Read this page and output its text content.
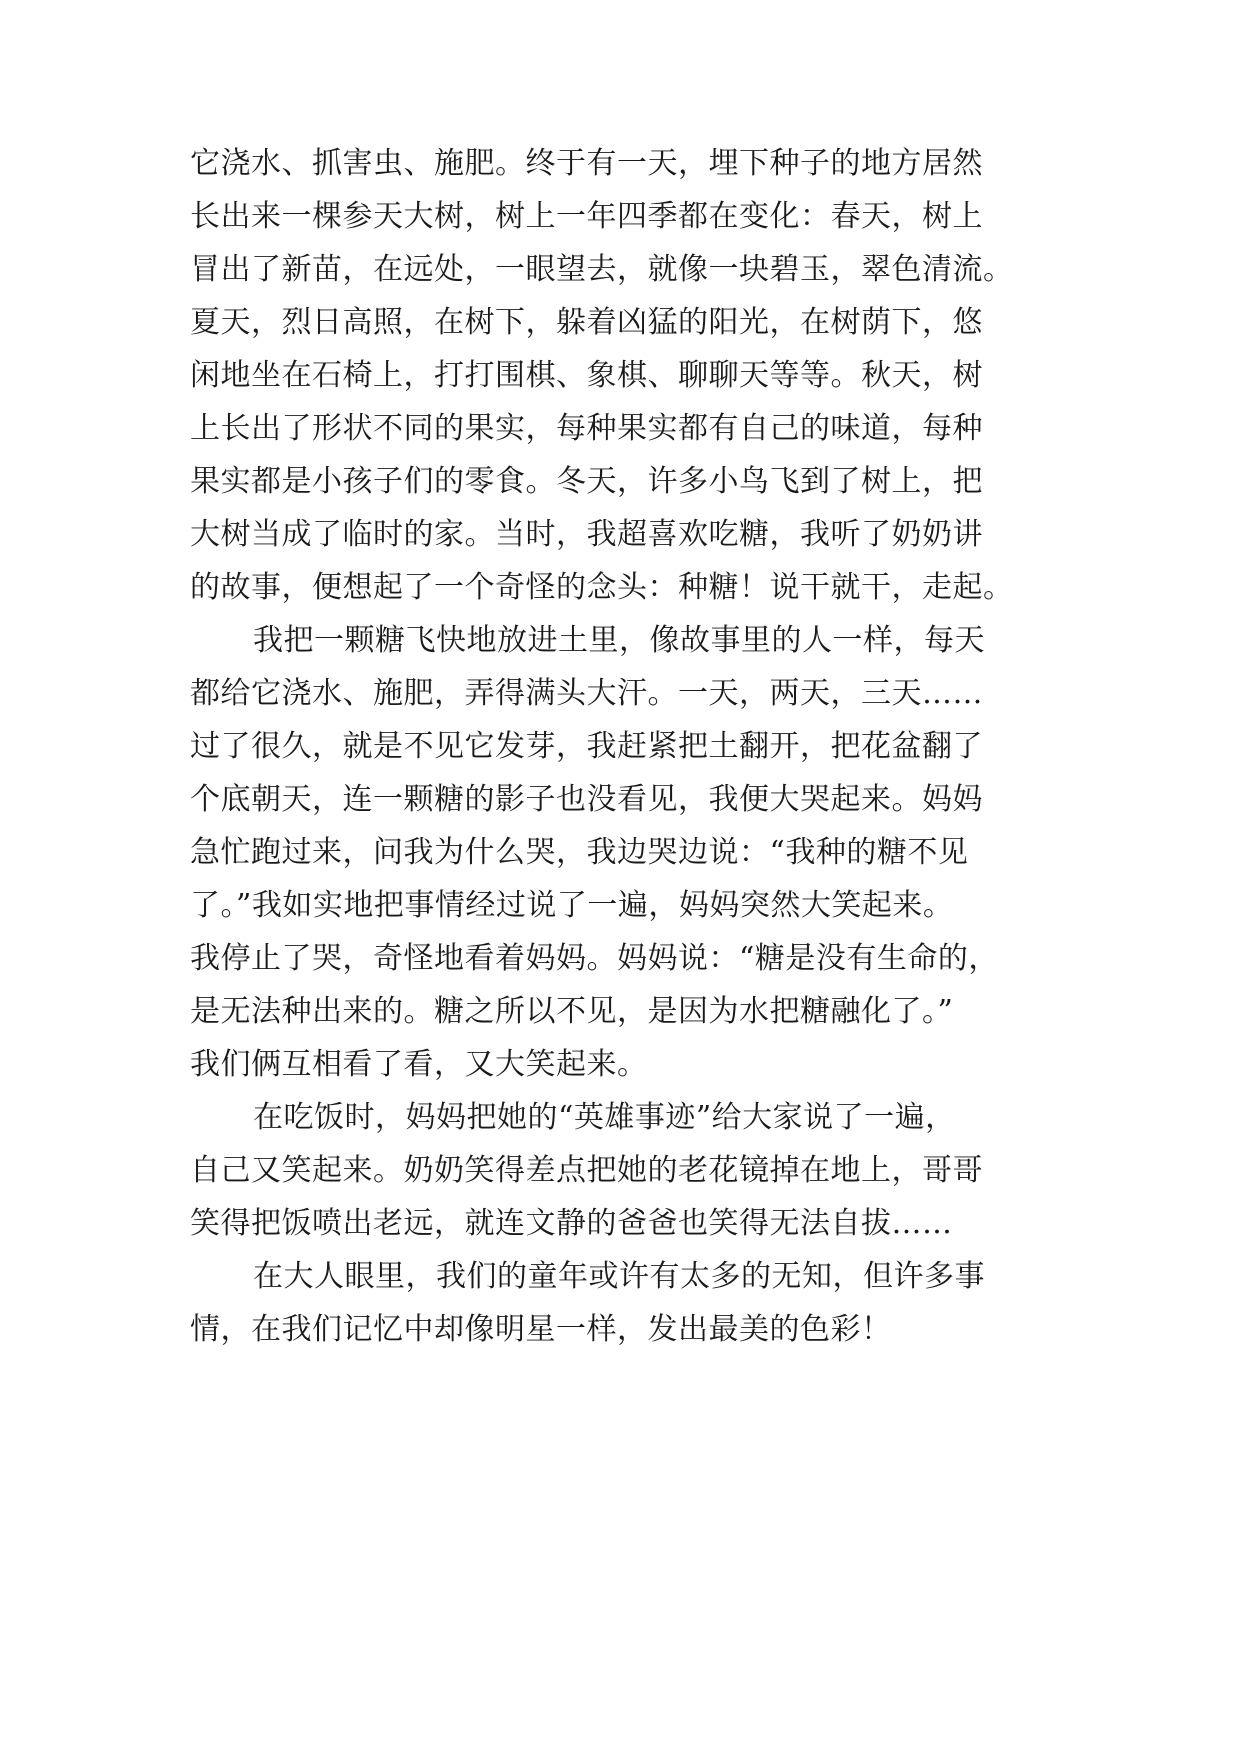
它浇水、抓害虫、施肥。终于有一天，埋下种子的地方居然
长出来一棵参天大树，树上一年四季都在变化：春天，树上
冒出了新苗，在远处，一眼望去，就像一块碧玉，翠色清流。
夏天，烈日高照，在树下，躲着凶猛的阳光，在树荫下，悠
闲地坐在石椅上，打打围棋、象棋、聊聊天等等。秋天，树
上长出了形状不同的果实，每种果实都有自己的味道，每种
果实都是小孩子们的零食。冬天，许多小鸟飞到了树上，把
大树当成了临时的家。当时，我超喜欢吃糖，我听了奶奶讲
的故事，便想起了一个奇怪的念头：种糖！说干就干，走起。
我把一颗糖飞快地放进土里，像故事里的人一样，每天
都给它浇水、施肥，弄得满头大汗。一天，两天，三天……
过了很久，就是不见它发芽，我赶紧把土翻开，把花盆翻了
个底朝天，连一颗糖的影子也没看见，我便大哭起来。妈妈
急忙跑过来，问我为什么哭，我边哭边说：“我种的糖不见
了。”我如实地把事情经过说了一遍，妈妈突然大笑起来。
我停止了哭，奇怪地看着妈妈。妈妈说：“糖是没有生命的，
是无法种出来的。糖之所以不见，是因为水把糖融化了。”
我们俩互相看了看，又大笑起来。
在吃饭时，妈妈把她的“英雄事迹”给大家说了一遍，
自己又笑起来。奶奶笑得差点把她的老花镜掉在地上，哥哥
笑得把饭喷出老远，就连文静的爸爸也笑得无法自拔……
在大人眼里，我们的童年或许有太多的无知，但许多事
情，在我们记忆中却像明星一样，发出最美的色彩！
